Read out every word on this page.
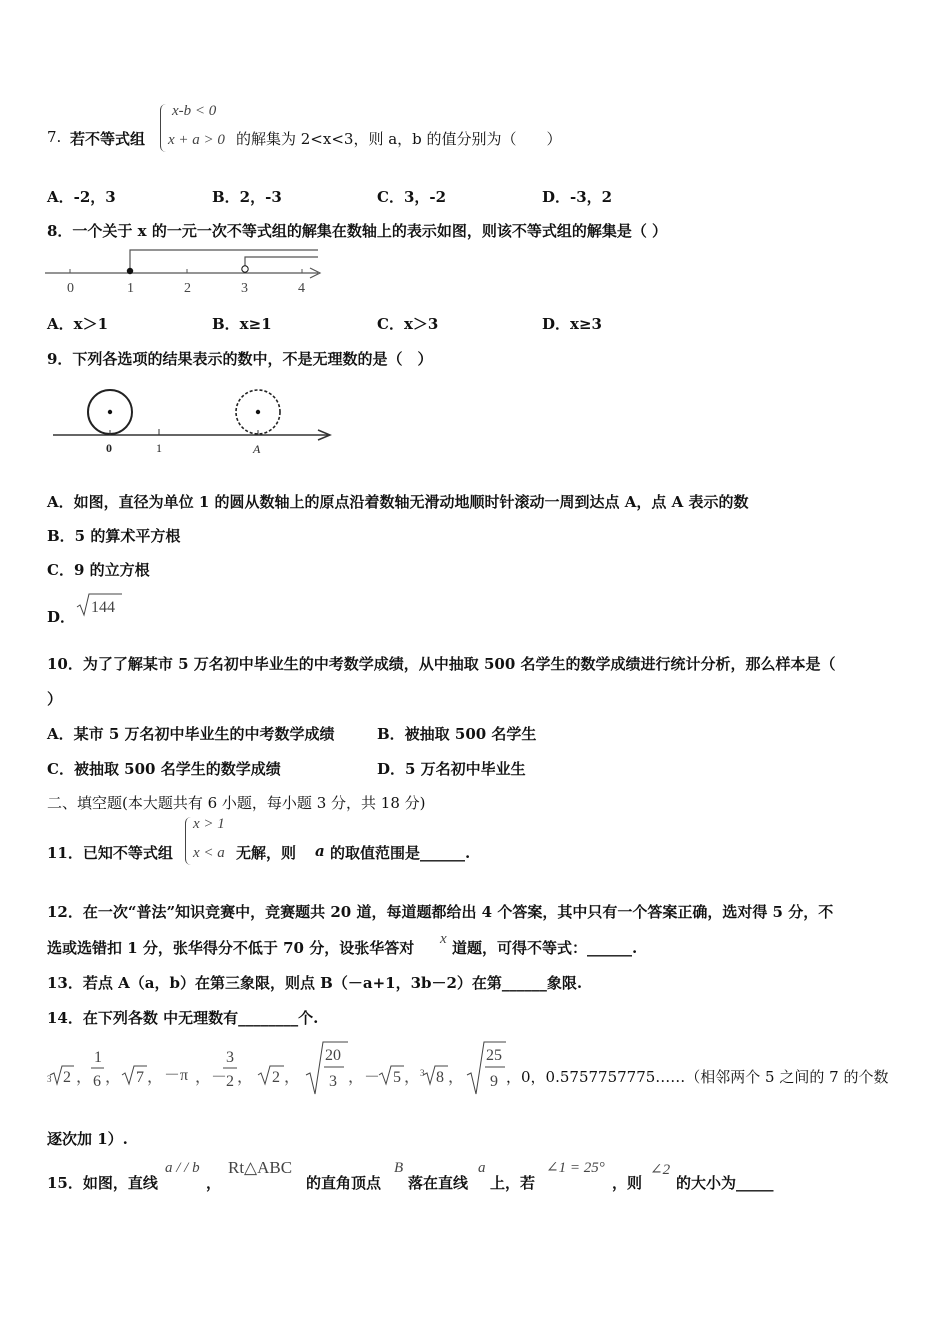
7. 若不等式组
x-b < 0
x + a > 0 的解集为 2<x<3，则 a，b 的值分别为（　　）
A．-2，3	B．2，-3	C．3，-2	D．-3，2
8．一个关于 x 的一元一次不等式组的解集在数轴上的表示如图，则该不等式组的解集是（ ）
0	1	2	3	4
A．x＞1	B．x≥1	C．x＞3	D．x≥3
9．下列各选项的结果表示的数中，不是无理数的是（　）
0	1	A
A．如图，直径为单位 1 的圆从数轴上的原点沿着数轴无滑动地顺时针滚动一周到达点 A，点 A 表示的数
B．5 的算术平方根
C．9 的立方根
D．
144
10．为了了解某市 5 万名初中毕业生的中考数学成绩，从中抽取 500 名学生的数学成绩进行统计分析，那么样本是（
）
A．某市 5 万名初中毕业生的中考数学成绩	B．被抽取 500 名学生
C．被抽取 500 名学生的数学成绩	D．5 万名初中毕业生
二、填空题(本大题共有 6 小题，每小题 3 分，共 18 分)
11．已知不等式组
x > 1
x < a 无解，则 a 的取值范围是______.
12．在一次“普法”知识竞赛中，竞赛题共 20 道，每道题都给出 4 个答案，其中只有一个答案正确，选对得 5 分，不
选或选错扣 1 分，张华得分不低于 70 分，设张华答对 x 道题，可得不等式：______.
13．若点 A（a，b）在第三象限，则点 B（－a+1，3b－2）在第______象限.
14．在下列各数 中无理数有________个.
3 2 ，
1
6 ， 7 ， －π ，－
3
2 ， 2 ，
20
3 ，－ 5 ， 3 8 ，
25
9 ，0，0.5757757775……（相邻两个 5 之间的 7 的个数
逐次加 1）.
15．如图，直线
a / / b
，
Rt△ABC
的直角顶点
B
落在直线
a
上，若
∠1 = 25°
，则
∠2
的大小为_____
